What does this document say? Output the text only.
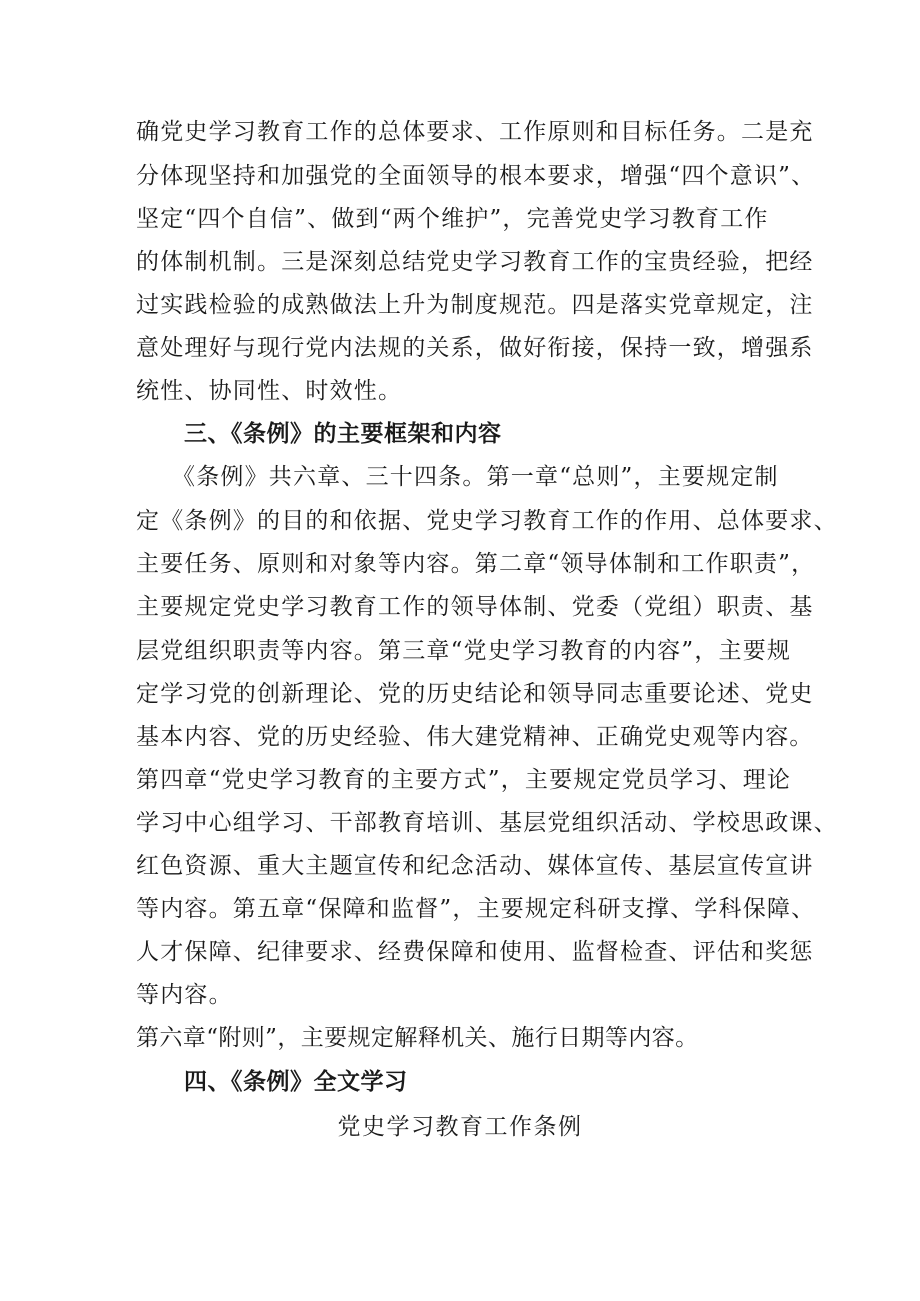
确党史学习教育工作的总体要求、工作原则和目标任务。二是充
分体现坚持和加强党的全面领导的根本要求，增强“四个意识”、
坚定“四个自信”、做到“两个维护”，完善党史学习教育工作
的体制机制。三是深刻总结党史学习教育工作的宝贵经验，把经
过实践检验的成熟做法上升为制度规范。四是落实党章规定，注
意处理好与现行党内法规的关系，做好衔接，保持一致，增强系
统性、协同性、时效性。
三、《条例》的主要框架和内容
《条例》共六章、三十四条。第一章“总则”，主要规定制
定《条例》的目的和依据、党史学习教育工作的作用、总体要求、
主要任务、原则和对象等内容。第二章“领导体制和工作职责”，
主要规定党史学习教育工作的领导体制、党委（党组）职责、基
层党组织职责等内容。第三章“党史学习教育的内容”，主要规
定学习党的创新理论、党的历史结论和领导同志重要论述、党史
基本内容、党的历史经验、伟大建党精神、正确党史观等内容。
第四章“党史学习教育的主要方式”，主要规定党员学习、理论
学习中心组学习、干部教育培训、基层党组织活动、学校思政课、
红色资源、重大主题宣传和纪念活动、媒体宣传、基层宣传宣讲
等内容。第五章“保障和监督”，主要规定科研支撑、学科保障、
人才保障、纪律要求、经费保障和使用、监督检查、评估和奖惩
等内容。
第六章“附则”，主要规定解释机关、施行日期等内容。
四、《条例》全文学习
党史学习教育工作条例
